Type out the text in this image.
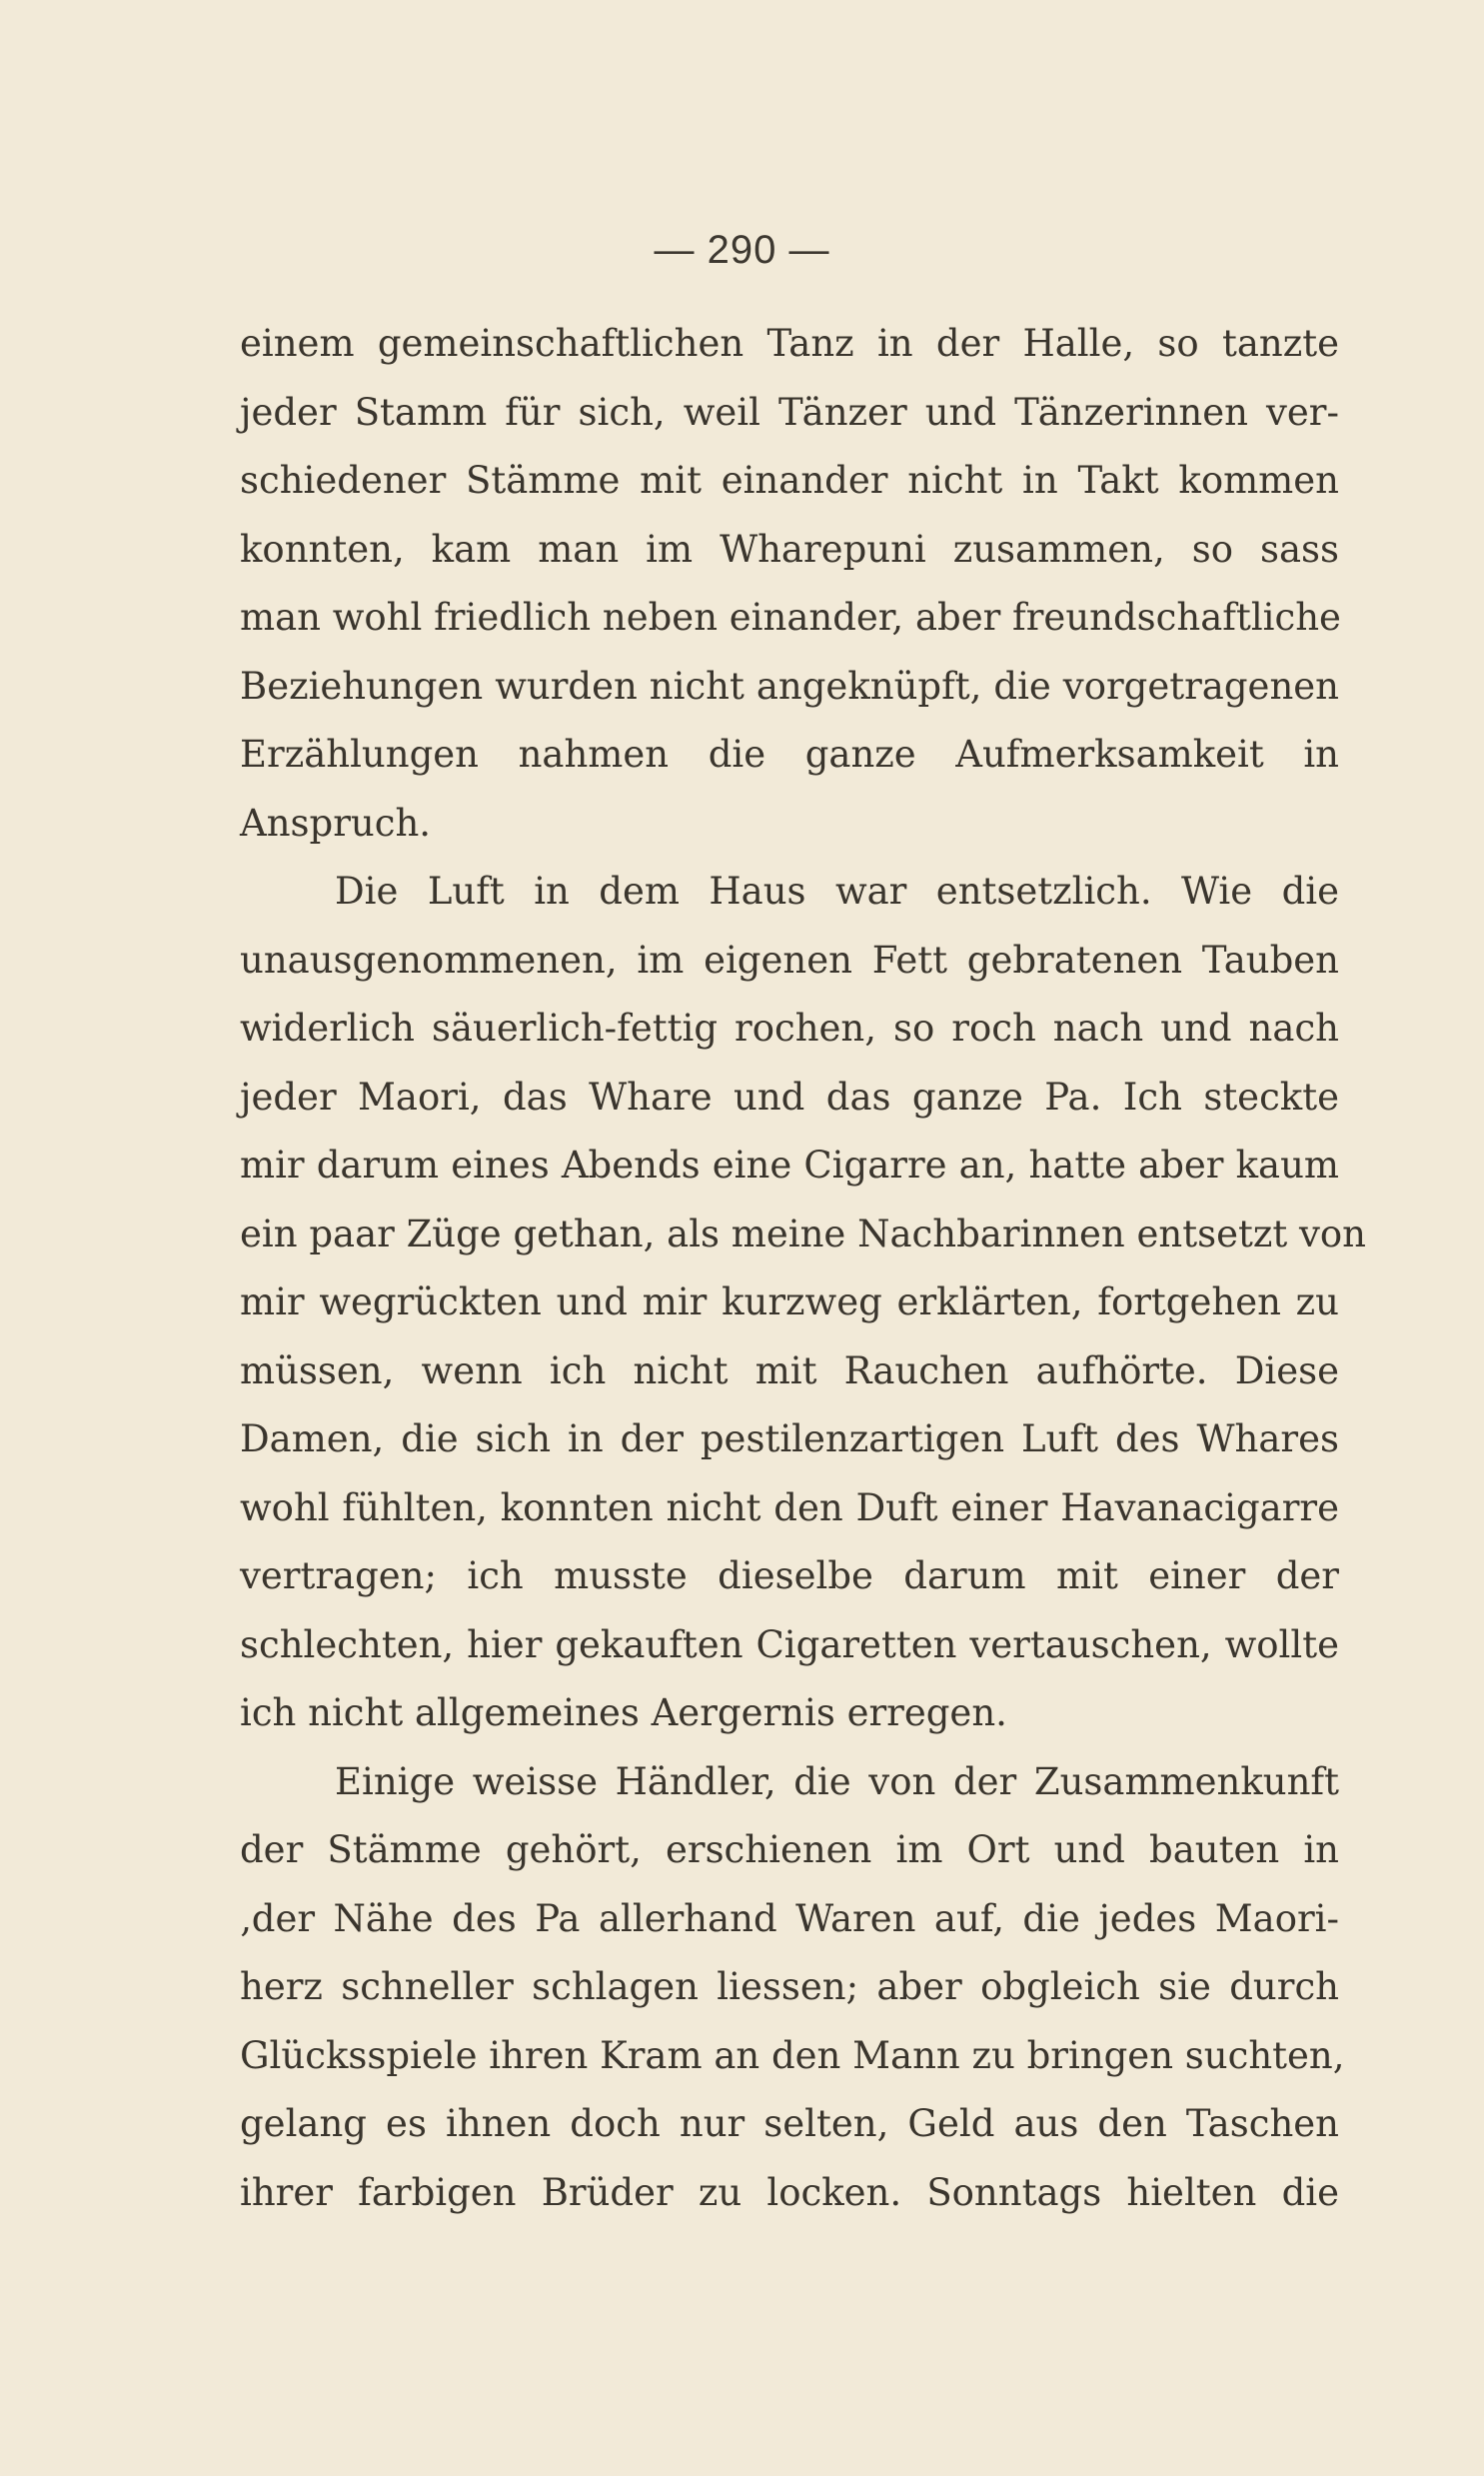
— 290 —
einem gemeinschaftlichen Tanz in der Halle, so tanzte
jeder Stamm für sich, weil Tänzer und Tänzerinnen ver-
schiedener Stämme mit einander nicht in Takt kommen
konnten, kam man im Wharepuni zusammen, so sass
man wohl friedlich neben einander, aber freundschaftliche
Beziehungen wurden nicht angeknüpft, die vorgetragenen
Erzählungen nahmen die ganze Aufmerksamkeit in
Anspruch.
Die Luft in dem Haus war entsetzlich. Wie die
unausgenommenen, im eigenen Fett gebratenen Tauben
widerlich säuerlich-fettig rochen, so roch nach und nach
jeder Maori, das Whare und das ganze Pa. Ich steckte
mir darum eines Abends eine Cigarre an, hatte aber kaum
ein paar Züge gethan, als meine Nachbarinnen entsetzt von
mir wegrückten und mir kurzweg erklärten, fortgehen zu
müssen, wenn ich nicht mit Rauchen aufhörte. Diese
Damen, die sich in der pestilenzartigen Luft des Whares
wohl fühlten, konnten nicht den Duft einer Havanacigarre
vertragen; ich musste dieselbe darum mit einer der
schlechten, hier gekauften Cigaretten vertauschen, wollte
ich nicht allgemeines Aergernis erregen.
Einige weisse Händler, die von der Zusammenkunft
der Stämme gehört, erschienen im Ort und bauten in
‚der Nähe des Pa allerhand Waren auf, die jedes Maori-
herz schneller schlagen liessen; aber obgleich sie durch
Glücksspiele ihren Kram an den Mann zu bringen suchten,
gelang es ihnen doch nur selten, Geld aus den Taschen
ihrer farbigen Brüder zu locken. Sonntags hielten die
